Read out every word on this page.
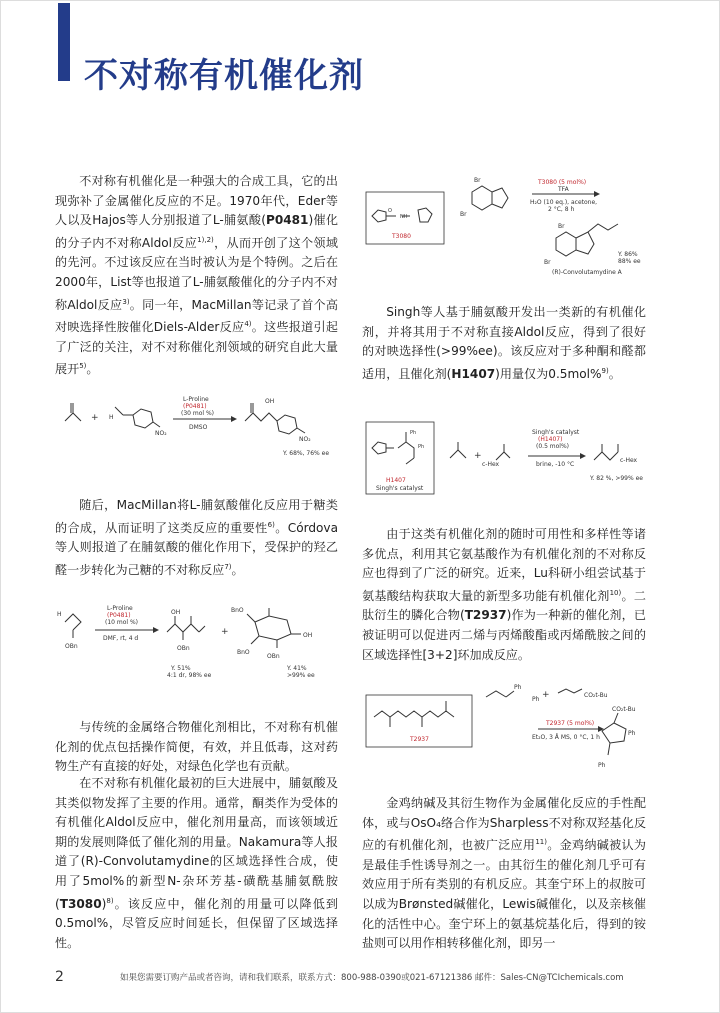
不对称有机催化剂

不对称有机催化是一种强大的合成工具，它的出现弥补了金属催化反应的不足。1970年代，Eder等人以及Hajos等人分别报道了L-脯氨酸(P0481)催化的分子内不对称Aldol反应$^{1),2)}$，从而开创了这个领域的先河。不过该反应在当时被认为是个特例。之后在2000年，List等也报道了L-脯氨酸催化的分子内不对称Aldol反应$^{3)}$。同一年，MacMillan等记录了首个高对映选择性胺催化Diels-Alder反应$^{4)}$。这些报道引起了广泛的关注，对不对称催化剂领域的研究自此大量展开$^{5)}$。

+ H
NO₂
L-Proline
(P0481)
(30 mol %)
DMSO
OH
NO₂
Y. 68%, 76% ee

随后，MacMillan将L-脯氨酸催化反应用于糖类的合成，从而证明了这类反应的重要性$^{6)}$。Córdova等人则报道了在脯氨酸的催化作用下，受保护的羟乙醛一步转化为己糖的不对称反应$^{7)}$。

H
OBn
L-Proline
(P0481)
(10 mol %)
DMF, rt, 4 d
OH
OBn
Y. 51%
4:1 dr, 98% ee
+
BnO
BnO
OH
OBn
Y. 41%
>99% ee

与传统的金属络合物催化剂相比，不对称有机催化剂的优点包括操作简便，有效，并且低毒，这对药物生产有直接的好处，对绿色化学也有贡献。

在不对称有机催化最初的巨大进展中，脯氨酸及其类似物发挥了主要的作用。通常，酮类作为受体的有机催化Aldol反应中，催化剂用量高，而该领域近期的发展则降低了催化剂的用量。Nakamura等人报道了(R)-Convolutamydine的区域选择性合成，使用了5mol%的新型N-杂环芳基-磺酰基脯氨酰胺$(T3080)^{8)}$。该反应中，催化剂的用量可以降低到0.5mol%，尽管反应时间延长，但保留了区域选择性。

O
NH
T3080
Br
Br
T3080 (5 mol%)
TFA
H₂O (10 eq.), acetone,
2 °C, 8 h
Br
Br
(R)-Convolutamydine A
Y. 86%
88% ee

Singh等人基于脯氨酸开发出一类新的有机催化剂，并将其用于不对称直接Aldol反应，得到了很好的对映选择性(>99%ee)。该反应对于多种酮和醛都适用，且催化剂(H1407)用量仅为0.5mol%$^{9)}$。

Ph
Ph
H1407
Singh's catalyst
+
c-Hex
Singh's catalyst
(H1407)
(0.5 mol%)
brine, -10 °C
c-Hex
Y. 82 %, >99% ee

由于这类有机催化剂的随时可用性和多样性等诸多优点，利用其它氨基酸作为有机催化剂的不对称反应也得到了广泛的研究。近来，Lu科研小组尝试基于氨基酸结构获取大量的新型多功能有机催化剂$^{10)}$。二肽衍生的膦化合物(T2937)作为一种新的催化剂，已被证明可以促进丙二烯与丙烯酸酯或丙烯酰胺之间的区域选择性[3+2]环加成反应。

T2937
Ph
Ph +	CO₂t-Bu
T2937 (5 mol%)
Et₂O, 3 Å MS, 0 °C, 1 h
CO₂t-Bu
Ph
Ph

金鸡纳碱及其衍生物作为金属催化反应的手性配体，或与OsO₄络合作为Sharpless不对称双羟基化反应的有机催化剂，也被广泛应用$^{11)}$。金鸡纳碱被认为是最佳手性诱导剂之一。由其衍生的催化剂几乎可有效应用于所有类别的有机反应。其奎宁环上的叔胺可以成为Brønsted碱催化，Lewis碱催化，以及亲核催化的活性中心。奎宁环上的氨基烷基化后，得到的铵盐则可以用作相转移催化剂，即另一

2	如果您需要订购产品或者咨询，请和我们联系，联系方式：800-988-0390或021-67121386 邮件：Sales-CN@TCIchemicals.com
